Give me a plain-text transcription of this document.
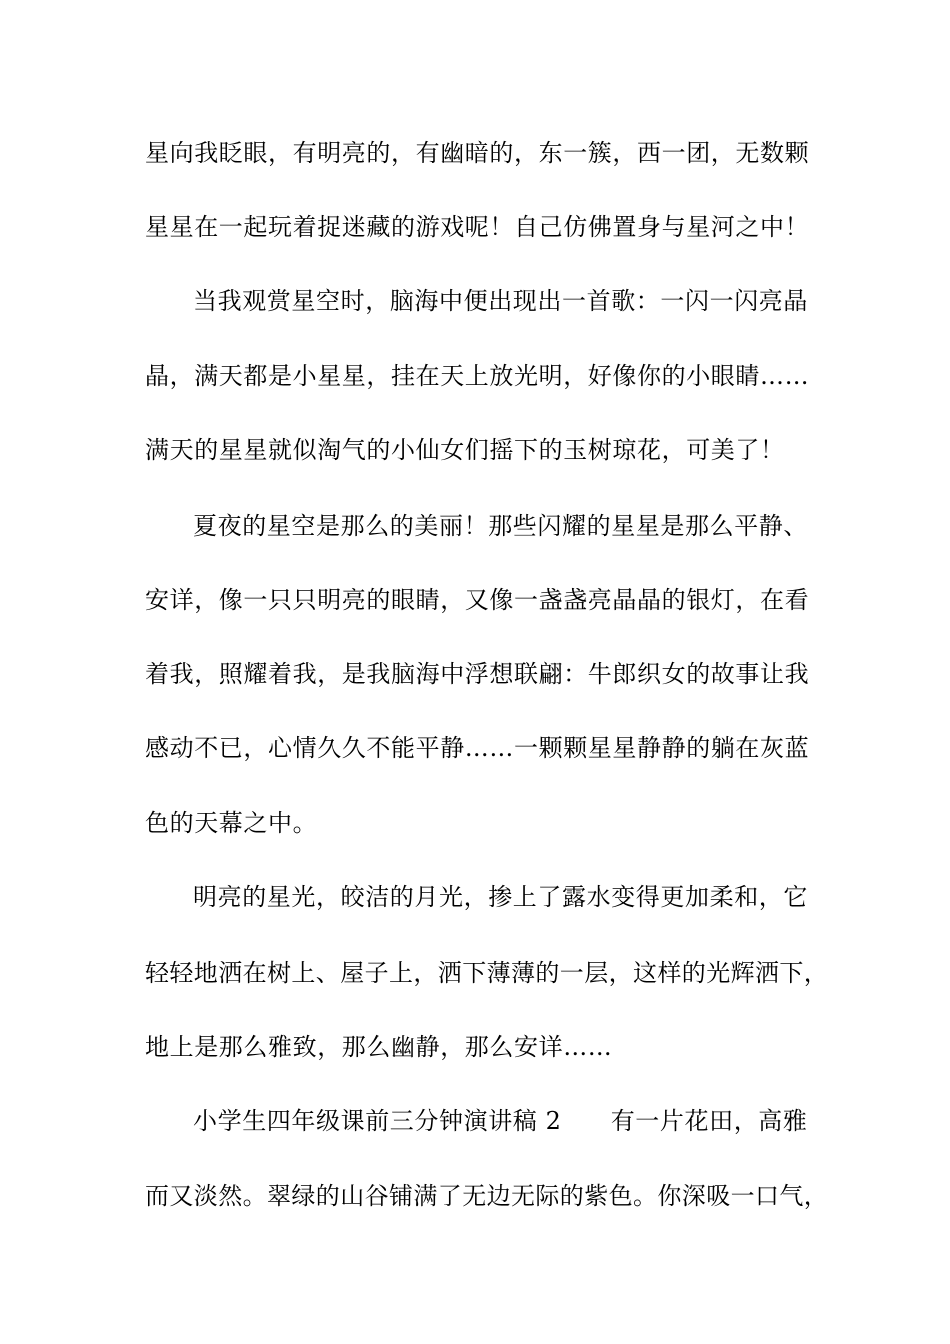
星向我眨眼，有明亮的，有幽暗的，东一簇，西一团，无数颗
星星在一起玩着捉迷藏的游戏呢！自己仿佛置身与星河之中！
当我观赏星空时，脑海中便出现出一首歌：一闪一闪亮晶
晶，满天都是小星星，挂在天上放光明，好像你的小眼睛……
满天的星星就似淘气的小仙女们摇下的玉树琼花，可美了！
夏夜的星空是那么的美丽！那些闪耀的星星是那么平静、
安详，像一只只明亮的眼睛，又像一盏盏亮晶晶的银灯，在看
着我，照耀着我，是我脑海中浮想联翩：牛郎织女的故事让我
感动不已，心情久久不能平静……一颗颗星星静静的躺在灰蓝
色的天幕之中。
明亮的星光，皎洁的月光，掺上了露水变得更加柔和，它
轻轻地洒在树上、屋子上，洒下薄薄的一层，这样的光辉洒下，
地上是那么雅致，那么幽静，那么安详……
小学生四年级课前三分钟演讲稿 2　　有一片花田，高雅
而又淡然。翠绿的山谷铺满了无边无际的紫色。你深吸一口气，
